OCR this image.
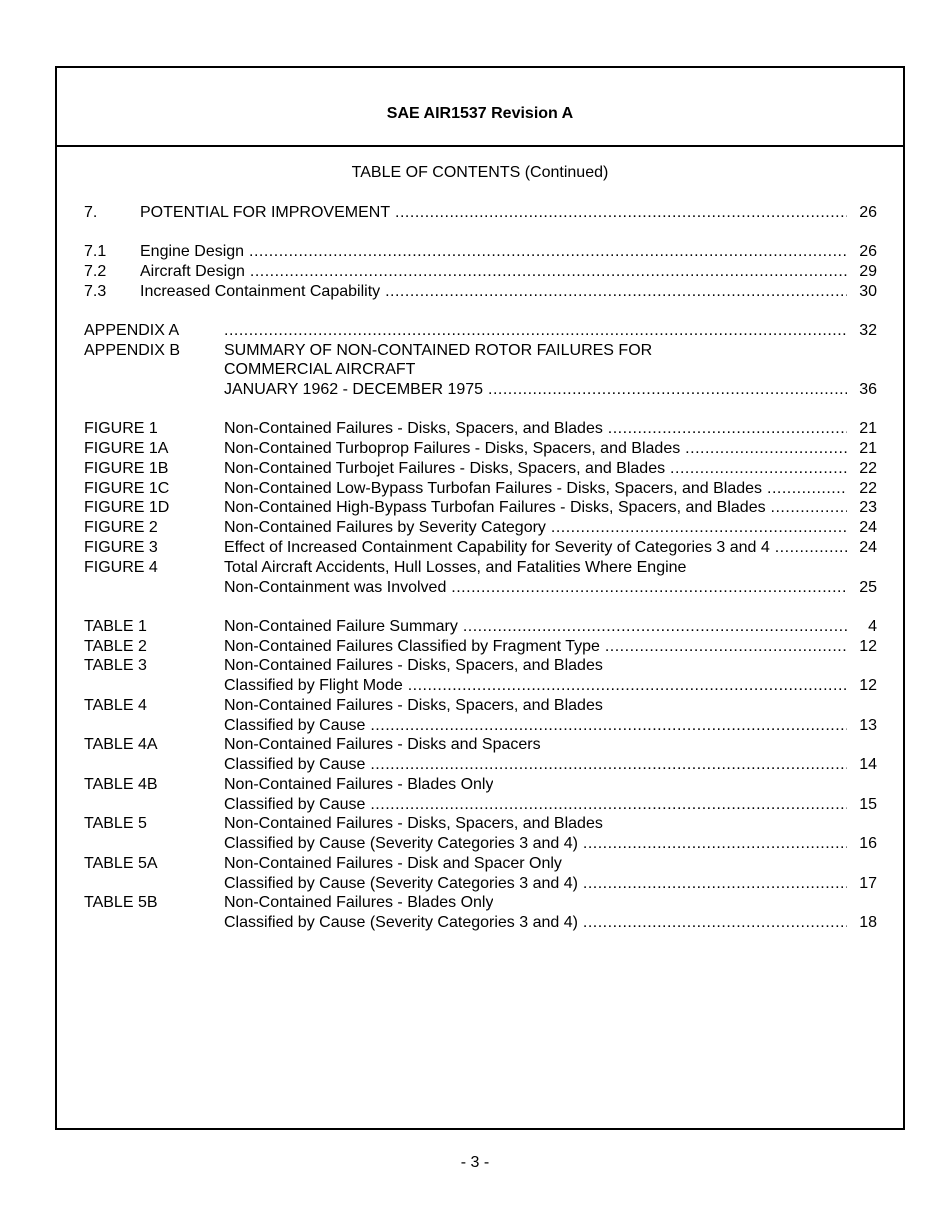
SAE AIR1537 Revision A
TABLE OF CONTENTS (Continued)
7.	POTENTIAL FOR IMPROVEMENT .....	26
7.1 Engine Design .....	26
7.2 Aircraft Design .....	29
7.3 Increased Containment Capability .....	30
APPENDIX A .....	32
APPENDIX B	SUMMARY OF NON-CONTAINED ROTOR FAILURES FOR
COMMERCIAL AIRCRAFT
JANUARY 1962 - DECEMBER 1975 .....	36
FIGURE 1	Non-Contained Failures - Disks, Spacers, and Blades .....	21
FIGURE 1A	Non-Contained Turboprop Failures - Disks, Spacers, and Blades .....	21
FIGURE 1B	Non-Contained Turbojet Failures - Disks, Spacers, and Blades .....	22
FIGURE 1C	Non-Contained Low-Bypass Turbofan Failures - Disks, Spacers, and Blades .....	22
FIGURE 1D	Non-Contained High-Bypass Turbofan Failures - Disks, Spacers, and Blades .....	23
FIGURE 2	Non-Contained Failures by Severity Category .....	24
FIGURE 3	Effect of Increased Containment Capability for Severity of Categories 3 and 4 .....	24
FIGURE 4	Total Aircraft Accidents, Hull Losses, and Fatalities Where Engine
Non-Containment was Involved .....	25
TABLE 1	Non-Contained Failure Summary .....	4
TABLE 2	Non-Contained Failures Classified by Fragment Type .....	12
TABLE 3	Non-Contained Failures - Disks, Spacers, and Blades
Classified by Flight Mode .....	12
TABLE 4	Non-Contained Failures - Disks, Spacers, and Blades
Classified by Cause .....	13
TABLE 4A	Non-Contained Failures - Disks and Spacers
Classified by Cause .....	14
TABLE 4B	Non-Contained Failures - Blades Only
Classified by Cause .....	15
TABLE 5	Non-Contained Failures - Disks, Spacers, and Blades
Classified by Cause (Severity Categories 3 and 4) .....	16
TABLE 5A	Non-Contained Failures - Disk and Spacer Only
Classified by Cause (Severity Categories 3 and 4) .....	17
TABLE 5B	Non-Contained Failures - Blades Only
Classified by Cause (Severity Categories 3 and 4) .....	18
- 3 -
